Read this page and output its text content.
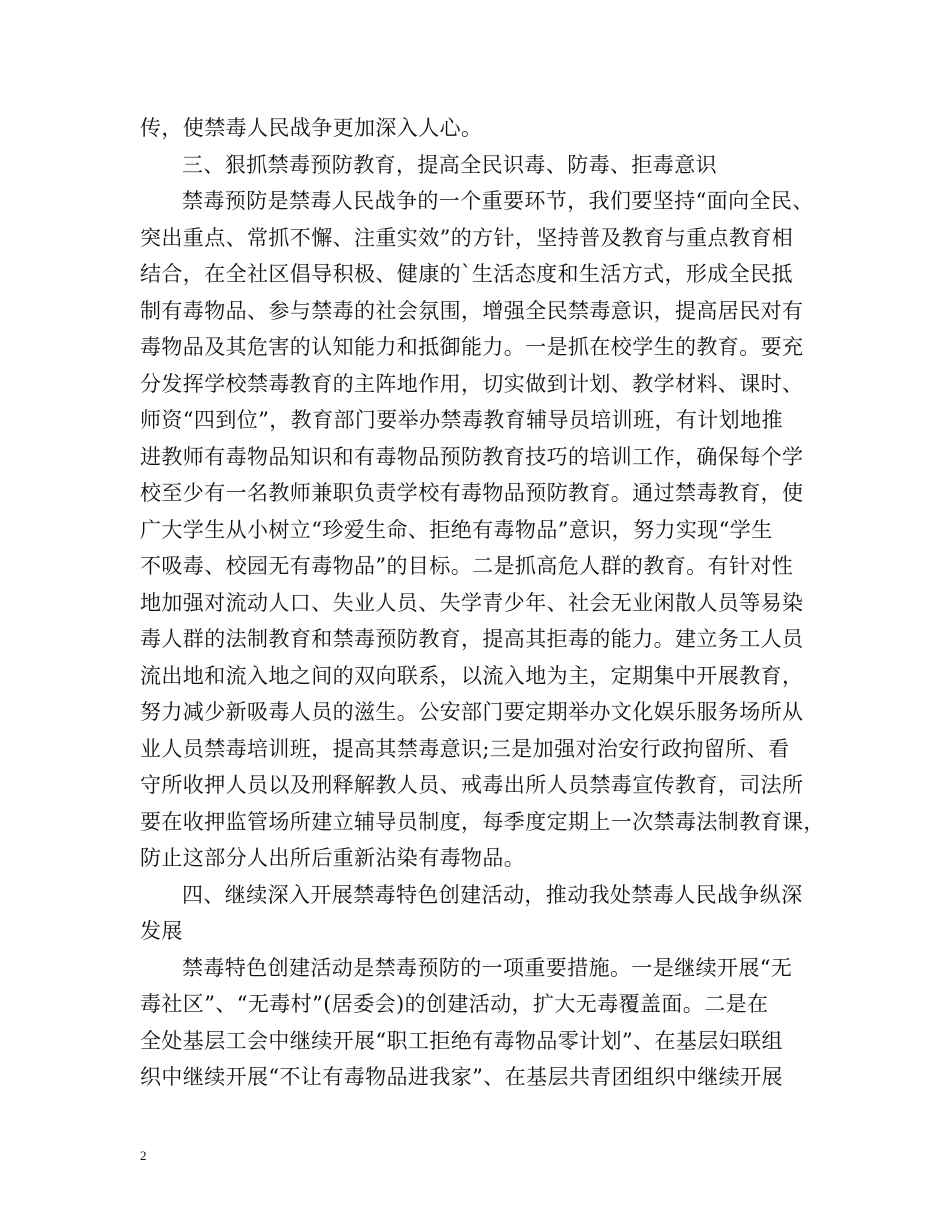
传，使禁毒人民战争更加深入人心。
三、狠抓禁毒预防教育，提高全民识毒、防毒、拒毒意识
禁毒预防是禁毒人民战争的一个重要环节，我们要坚持“面向全民、
突出重点、常抓不懈、注重实效”的方针，坚持普及教育与重点教育相
结合，在全社区倡导积极、健康的`生活态度和生活方式，形成全民抵
制有毒物品、参与禁毒的社会氛围，增强全民禁毒意识，提高居民对有
毒物品及其危害的认知能力和抵御能力。一是抓在校学生的教育。要充
分发挥学校禁毒教育的主阵地作用，切实做到计划、教学材料、课时、
师资“四到位”，教育部门要举办禁毒教育辅导员培训班，有计划地推
进教师有毒物品知识和有毒物品预防教育技巧的培训工作，确保每个学
校至少有一名教师兼职负责学校有毒物品预防教育。通过禁毒教育，使
广大学生从小树立“珍爱生命、拒绝有毒物品”意识，努力实现“学生
不吸毒、校园无有毒物品”的目标。二是抓高危人群的教育。有针对性
地加强对流动人口、失业人员、失学青少年、社会无业闲散人员等易染
毒人群的法制教育和禁毒预防教育，提高其拒毒的能力。建立务工人员
流出地和流入地之间的双向联系，以流入地为主，定期集中开展教育，
努力减少新吸毒人员的滋生。公安部门要定期举办文化娱乐服务场所从
业人员禁毒培训班，提高其禁毒意识;三是加强对治安行政拘留所、看
守所收押人员以及刑释解教人员、戒毒出所人员禁毒宣传教育，司法所
要在收押监管场所建立辅导员制度，每季度定期上一次禁毒法制教育课，
防止这部分人出所后重新沾染有毒物品。
四、继续深入开展禁毒特色创建活动，推动我处禁毒人民战争纵深
发展
禁毒特色创建活动是禁毒预防的一项重要措施。一是继续开展“无
毒社区”、“无毒村”(居委会)的创建活动，扩大无毒覆盖面。二是在
全处基层工会中继续开展“职工拒绝有毒物品零计划”、在基层妇联组
织中继续开展“不让有毒物品进我家”、在基层共青团组织中继续开展
2
